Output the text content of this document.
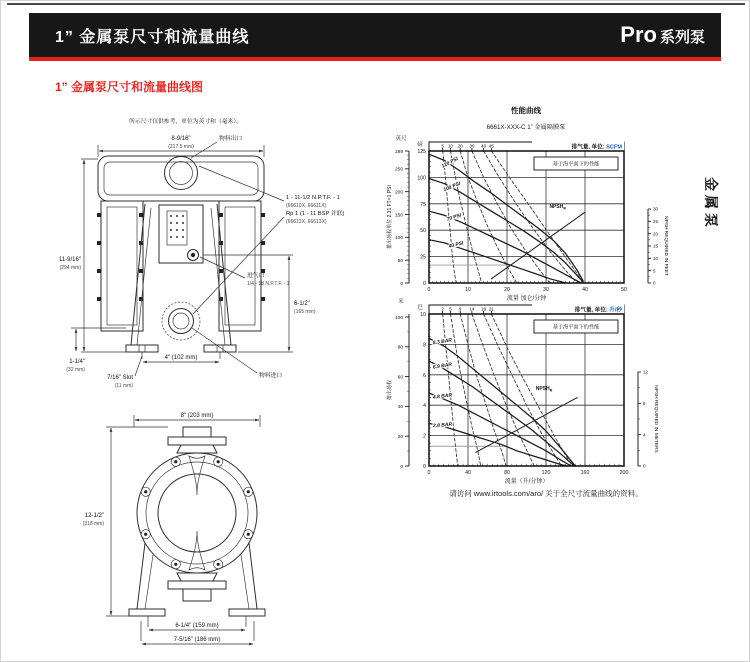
1” 金属泵尺寸和流量曲线	Pro 系列泵
1” 金属泵尺寸和流量曲线图
金属泵
请访问 www.irtools.com/aro/ 关于全尺寸流量曲线的资料。
所示尺寸仅供参考，单位为英寸和（毫米）。
物料出口
8-9/16"
(217.5 mm)
11-9/16"
(294 mm)
1 - 11-1/2 N.P.T.F. - 1
(66610X, 66611X)
Rp 1 (1 - 11 BSP 并联)
(66612X, 66613X)
进气口
1/4 - 18 N.P.T.F. - 1
6-1/2"
(165 mm)
1-1/4"
(32 mm)
4" (102 mm)
7/16" Slot
(11 mm)
物料进口
8" (203 mm)
12-1/2"
(318 mm)
6-1/4" (159 mm)
7-5/16" (186 mm)
性能曲线
6661X-XXX-C 1” 金属隔膜泵
289
250
200
150
100
50
0
英尺
磅
125
100
75
50
25
0
0	10	20	30	40	50
5 10 20 30 40 45	排气量, 单位: SCFM
基于海平面下的性能
120 PSI
100 PSI
70 PSI
40 PSI
$NPSH_R$	30
25
20
15
10
5
0
NPSH REQUIRED IN FEET
流量 加仑/分钟
排出扬程单位 2.31 FT=1 PSI
100
80
60
40
20
0
米
巴
10
8
6
4
2
0
0	40	80	120	160	200
2 5 9 14 19 21	排气量, 单位: 升/秒
基于海平面下的性能
8.3 BAR
6.9 BAR
4.8 BAR
2.8 BAR
$NPSH_R$
12
8
4
0
NPSH REQUIRED IN METERS
流量（升/分钟）
排出扬程
